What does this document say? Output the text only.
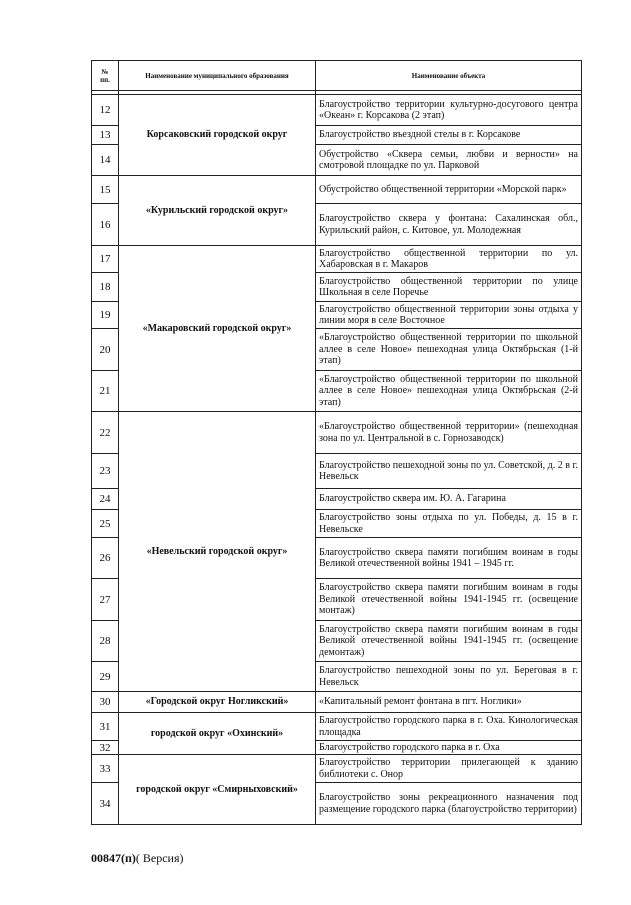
№
пп.	Наименование муниципального образования	Наименование объекта

12	Корсаковский городской округ	Благоустройство территории культурно-досугового центра «Океан» г. Корсакова (2 этап)
13		Благоустройство въездной стелы в г. Корсакове
14		Обустройство «Сквера семьи, любви и верности» на смотровой площадке по ул. Парковой
15	«Курильский городской округ»	Обустройство общественной территории «Морской парк»
16		Благоустройство сквера у фонтана: Сахалинская обл., Курильский район, с. Китовое, ул. Молодежная
17	«Макаровский городской округ»	Благоустройство общественной территории по ул. Хабаровская в г. Макаров
18		Благоустройство общественной территории по улице Школьная в селе Поречье
19		Благоустройство общественной территории зоны отдыха у линии моря в селе Восточное
20		«Благоустройство общественной территории по школьной аллее в селе Новое» пешеходная улица Октябрьская (1-й этап)
21		«Благоустройство общественной территории по школьной аллее в селе Новое» пешеходная улица Октябрьская (2-й этап)
22	«Невельский городской округ»	«Благоустройство общественной территории» (пешеходная зона по ул. Центральной в с. Горнозаводск)
23		Благоустройство пешеходной зоны по ул. Советской, д. 2 в г. Невельск
24		Благоустройство сквера им. Ю. А. Гагарина
25		Благоустройство зоны отдыха по ул. Победы, д. 15 в г. Невельске
26		Благоустройство сквера памяти погибшим воинам в годы Великой отечественной войны 1941 – 1945 гг.
27		Благоустройство сквера памяти погибшим воинам в годы Великой отечественной войны 1941-1945 гг. (освещение монтаж)
28		Благоустройство сквера памяти погибшим воинам в годы Великой отечественной войны 1941-1945 гг. (освещение демонтаж)
29		Благоустройство пешеходной зоны по ул. Береговая в г. Невельск
30	«Городской округ Ногликский»	«Капитальный ремонт фонтана в пгт. Ноглики»
31	городской округ «Охинский»	Благоустройство городского парка в г. Оха. Кинологическая площадка
32		Благоустройство городского парка в г. Оха
33	городской округ «Смирныховский»	Благоустройство территории прилегающей к зданию библиотеки с. Онор
34		Благоустройство зоны рекреационного назначения под размещение городского парка (благоустройство территории)
00847(п)( Версия)
